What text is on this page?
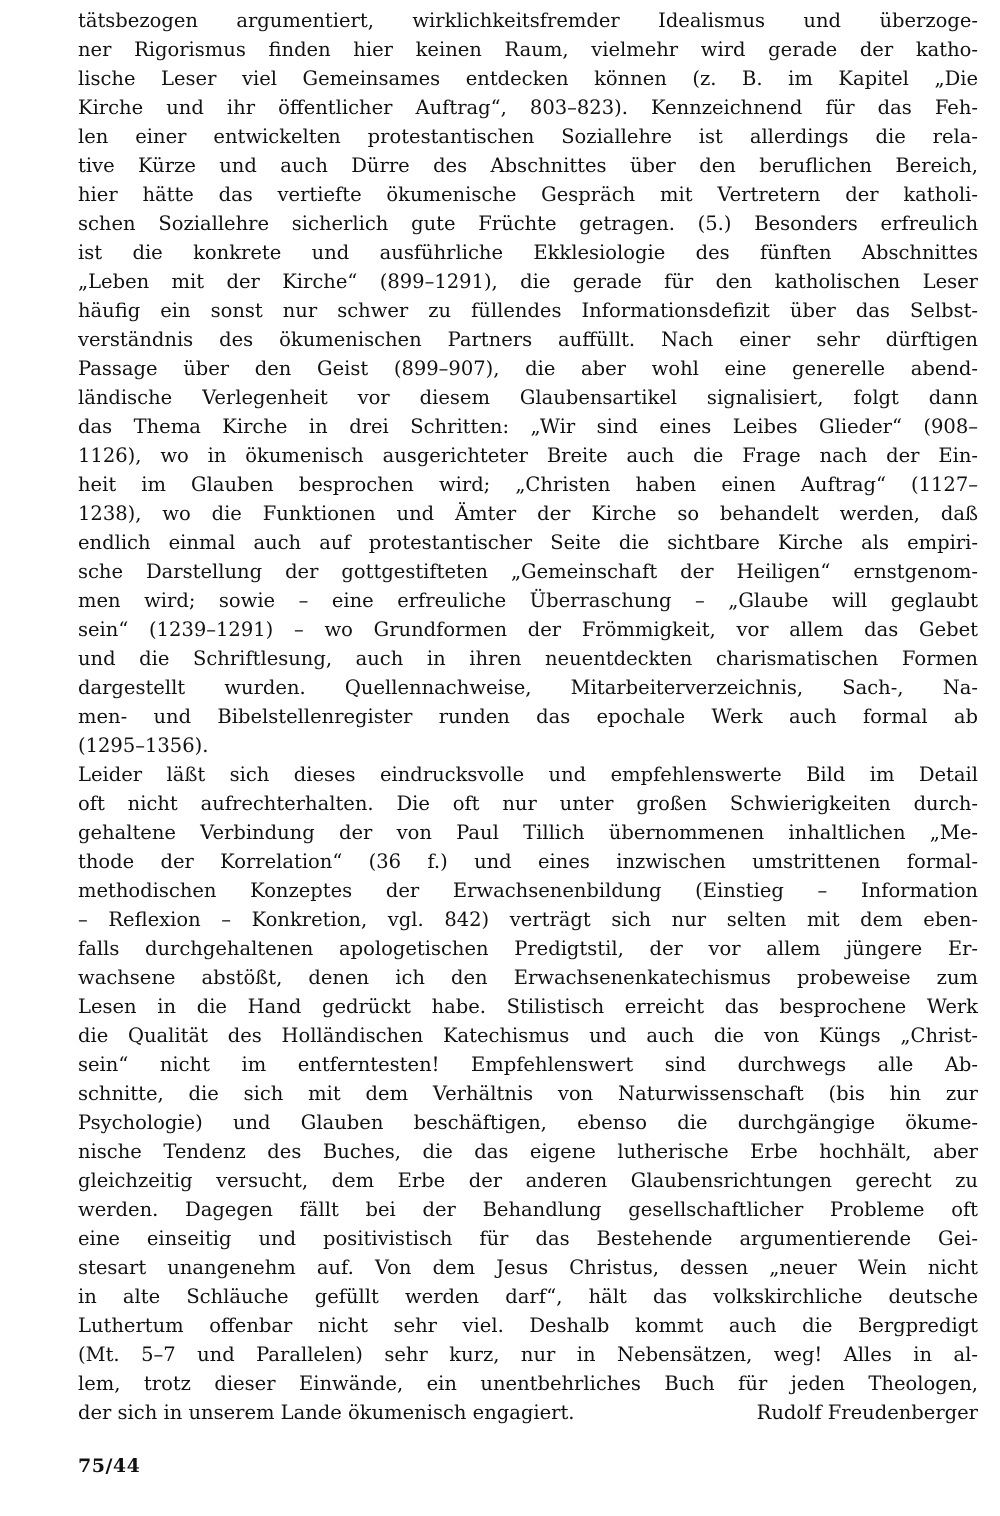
tätsbezogen argumentiert, wirklichkeitsfremder Idealismus und überzoge-
ner Rigorismus finden hier keinen Raum, vielmehr wird gerade der katho-
lische Leser viel Gemeinsames entdecken können (z. B. im Kapitel „Die
Kirche und ihr öffentlicher Auftrag“, 803–823). Kennzeichnend für das Feh-
len einer entwickelten protestantischen Soziallehre ist allerdings die rela-
tive Kürze und auch Dürre des Abschnittes über den beruflichen Bereich,
hier hätte das vertiefte ökumenische Gespräch mit Vertretern der katholi-
schen Soziallehre sicherlich gute Früchte getragen. (5.) Besonders erfreulich
ist die konkrete und ausführliche Ekklesiologie des fünften Abschnittes
„Leben mit der Kirche“ (899–1291), die gerade für den katholischen Leser
häufig ein sonst nur schwer zu füllendes Informationsdefizit über das Selbst-
verständnis des ökumenischen Partners auffüllt. Nach einer sehr dürftigen
Passage über den Geist (899–907), die aber wohl eine generelle abend-
ländische Verlegenheit vor diesem Glaubensartikel signalisiert, folgt dann
das Thema Kirche in drei Schritten: „Wir sind eines Leibes Glieder“ (908–
1126), wo in ökumenisch ausgerichteter Breite auch die Frage nach der Ein-
heit im Glauben besprochen wird; „Christen haben einen Auftrag“ (1127–
1238), wo die Funktionen und Ämter der Kirche so behandelt werden, daß
endlich einmal auch auf protestantischer Seite die sichtbare Kirche als empiri-
sche Darstellung der gottgestifteten „Gemeinschaft der Heiligen“ ernstgenom-
men wird; sowie – eine erfreuliche Überraschung – „Glaube will geglaubt
sein“ (1239–1291) – wo Grundformen der Frömmigkeit, vor allem das Gebet
und die Schriftlesung, auch in ihren neuentdeckten charismatischen Formen
dargestellt wurden. Quellennachweise, Mitarbeiterverzeichnis, Sach-, Na-
men- und Bibelstellenregister runden das epochale Werk auch formal ab
(1295–1356).
Leider läßt sich dieses eindrucksvolle und empfehlenswerte Bild im Detail
oft nicht aufrechterhalten. Die oft nur unter großen Schwierigkeiten durch-
gehaltene Verbindung der von Paul Tillich übernommenen inhaltlichen „Me-
thode der Korrelation“ (36 f.) und eines inzwischen umstrittenen formal-
methodischen Konzeptes der Erwachsenenbildung (Einstieg – Information
– Reflexion – Konkretion, vgl. 842) verträgt sich nur selten mit dem eben-
falls durchgehaltenen apologetischen Predigtstil, der vor allem jüngere Er-
wachsene abstößt, denen ich den Erwachsenenkatechismus probeweise zum
Lesen in die Hand gedrückt habe. Stilistisch erreicht das besprochene Werk
die Qualität des Holländischen Katechismus und auch die von Küngs „Christ-
sein“ nicht im entferntesten! Empfehlenswert sind durchwegs alle Ab-
schnitte, die sich mit dem Verhältnis von Naturwissenschaft (bis hin zur
Psychologie) und Glauben beschäftigen, ebenso die durchgängige ökume-
nische Tendenz des Buches, die das eigene lutherische Erbe hochhält, aber
gleichzeitig versucht, dem Erbe der anderen Glaubensrichtungen gerecht zu
werden. Dagegen fällt bei der Behandlung gesellschaftlicher Probleme oft
eine einseitig und positivistisch für das Bestehende argumentierende Gei-
stesart unangenehm auf. Von dem Jesus Christus, dessen „neuer Wein nicht
in alte Schläuche gefüllt werden darf“, hält das volkskirchliche deutsche
Luthertum offenbar nicht sehr viel. Deshalb kommt auch die Bergpredigt
(Mt. 5–7 und Parallelen) sehr kurz, nur in Nebensätzen, weg! Alles in al-
lem, trotz dieser Einwände, ein unentbehrliches Buch für jeden Theologen,
der sich in unserem Lande ökumenisch engagiert.	Rudolf Freudenberger
75/44
